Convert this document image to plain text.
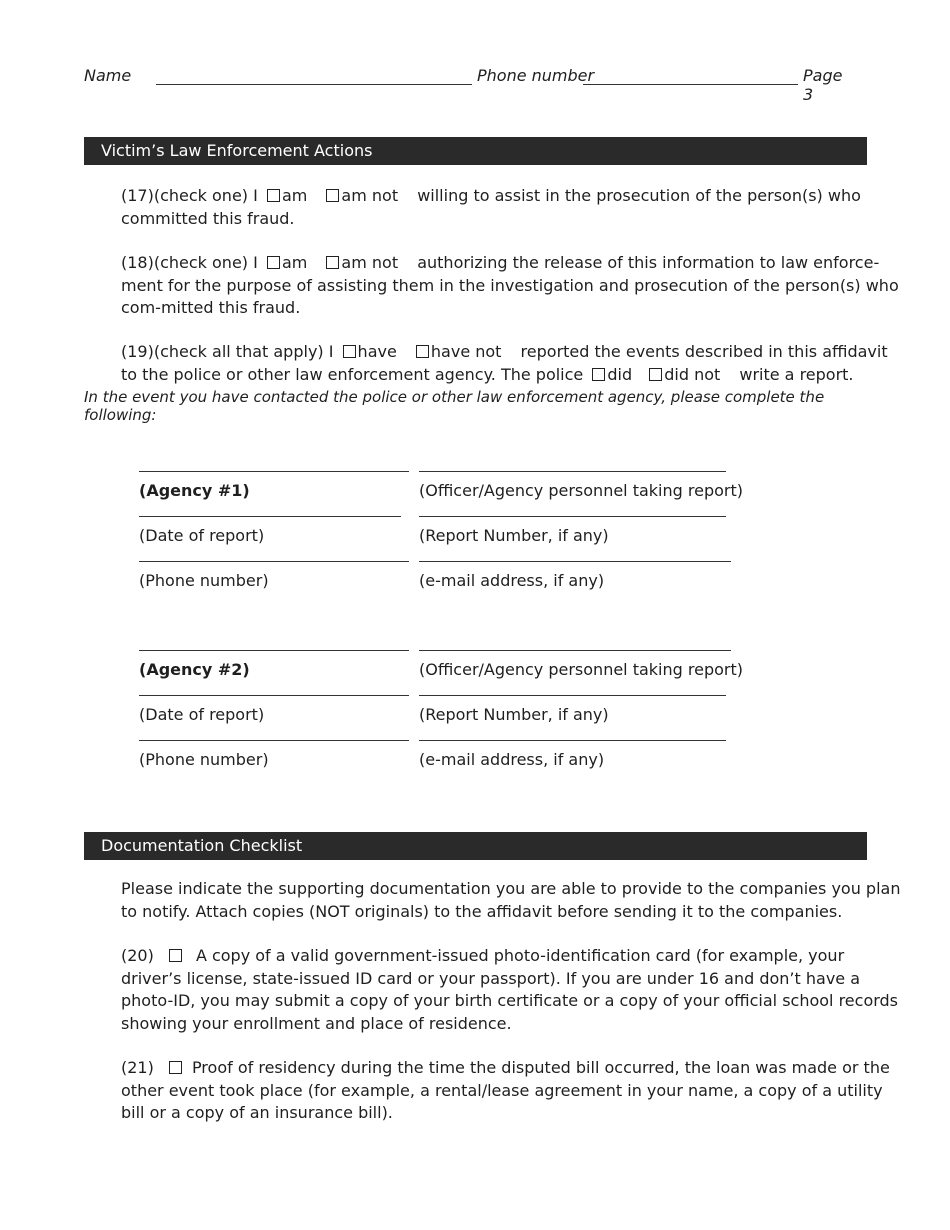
Name	Phone number	Page 3
Victim’s Law Enforcement Actions
(17)(check one) I am am not willing to assist in the prosecution of the person(s) who committed this fraud.
(18)(check one) I am am not authorizing the release of this information to law enforce-ment for the purpose of assisting them in the investigation and prosecution of the person(s) who com-mitted this fraud.
(19)(check all that apply) I have have not reported the events described in this affidavit to the police or other law enforcement agency. The police did did not write a report.
In the event you have contacted the police or other law enforcement agency, please complete the following:
(Agency #1)	(Officer/Agency personnel taking report)
(Date of report)	(Report Number, if any)
(Phone number)	(e-mail address, if any)
(Agency #2)	(Officer/Agency personnel taking report)
(Date of report)	(Report Number, if any)
(Phone number)	(e-mail address, if any)
Documentation Checklist
Please indicate the supporting documentation you are able to provide to the companies you plan to notify. Attach copies (NOT originals) to the affidavit before sending it to the companies.
(20)	A copy of a valid government-issued photo-identification card (for example, your driver’s license, state-issued ID card or your passport). If you are under 16 and don’t have a photo-ID, you may submit a copy of your birth certificate or a copy of your official school records showing your enrollment and place of residence.
(21) Proof of residency during the time the disputed bill occurred, the loan was made or the other event took place (for example, a rental/lease agreement in your name, a copy of a utility bill or a copy of an insurance bill).
